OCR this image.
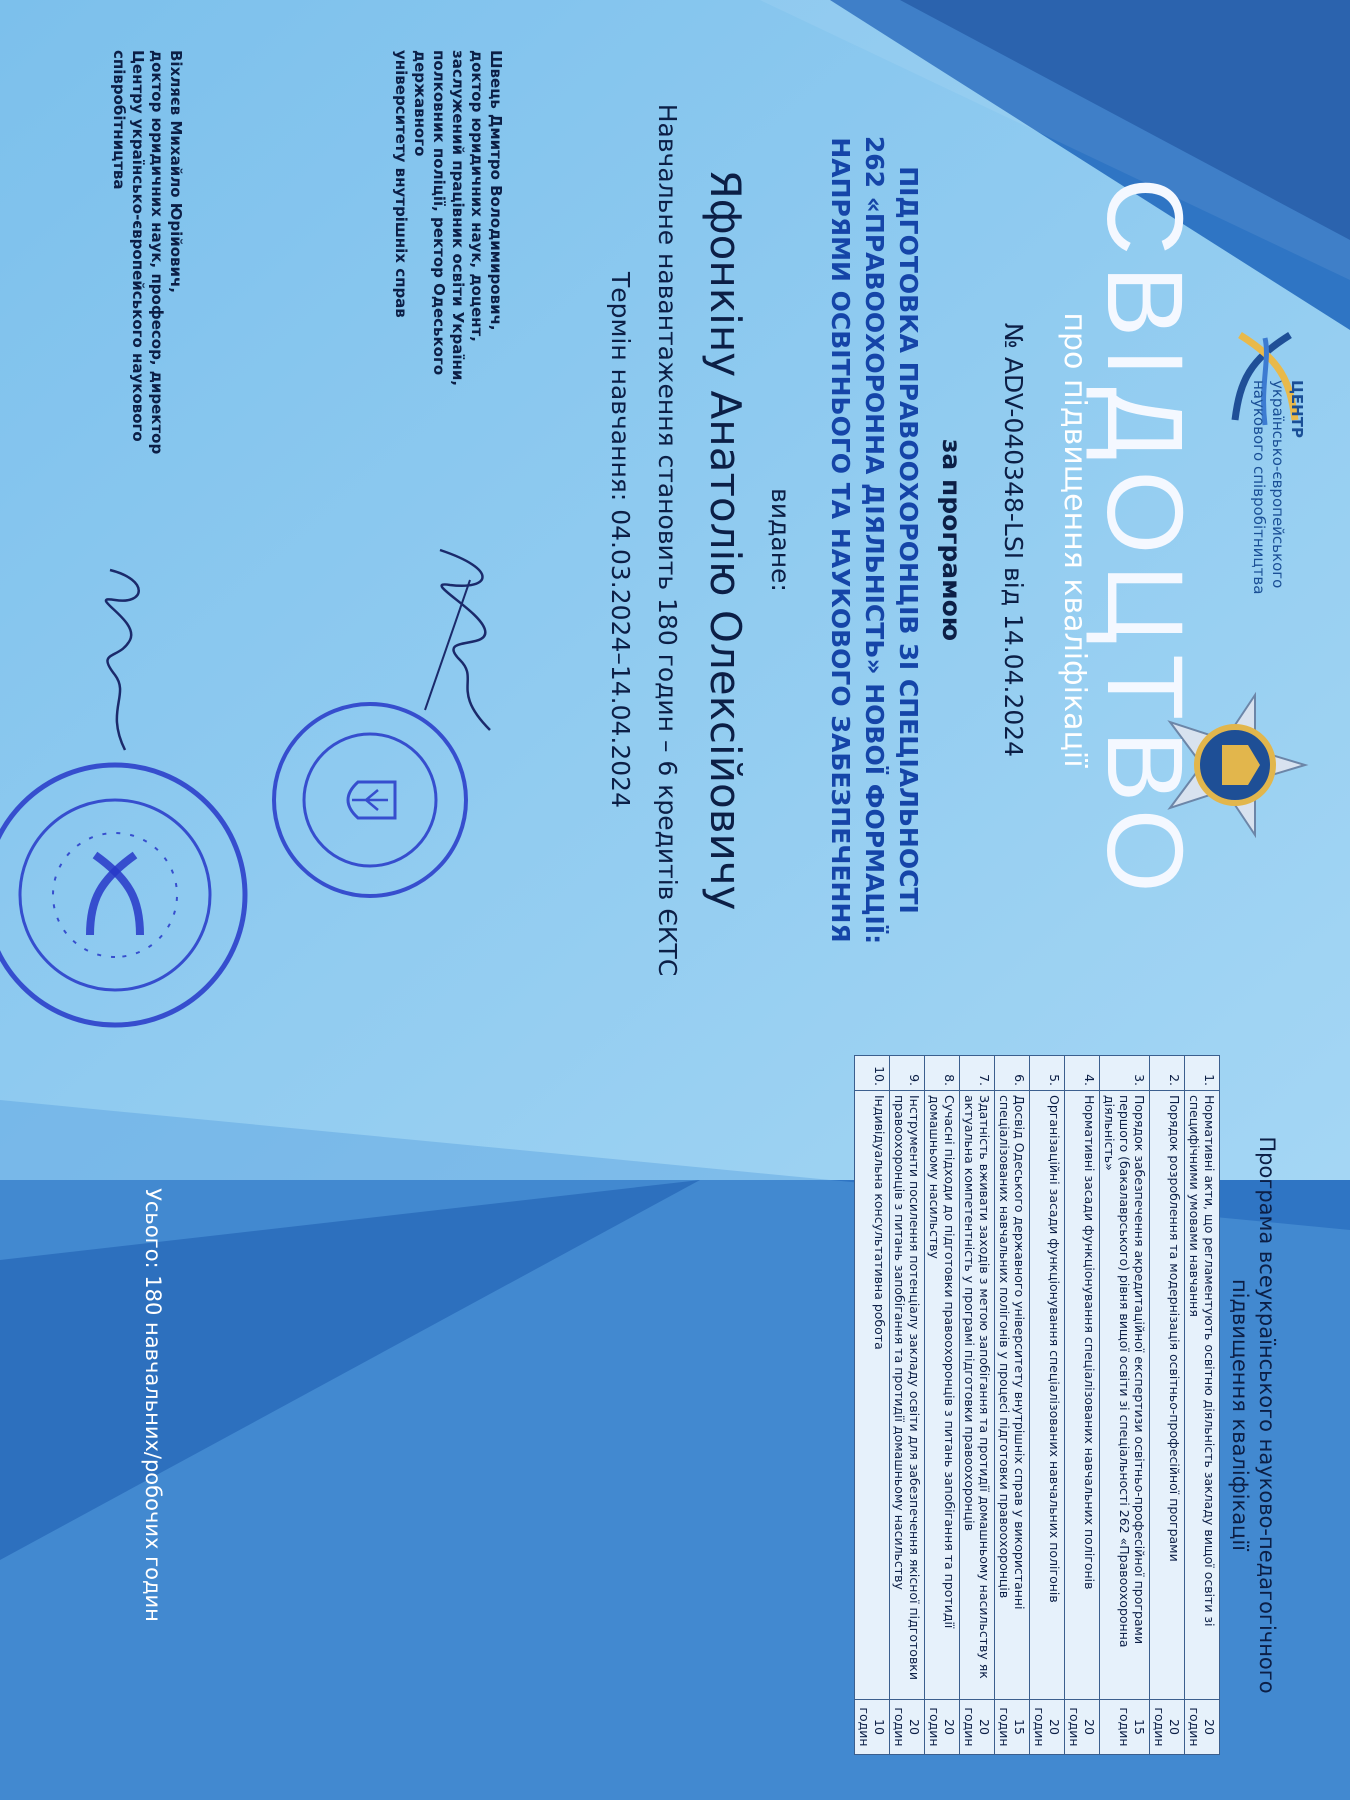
ЦЕНТР
українсько-європейського
наукового співробітництва
СВІДОЦТВО
про підвищення кваліфікації
№ ADV-040348-LSI від 14.04.2024
за програмою
ПІДГОТОВКА ПРАВООХОРОНЦІВ ЗІ СПЕЦІАЛЬНОСТІ
262 «ПРАВООХОРОННА ДІЯЛЬНІСТЬ» НОВОЇ ФОРМАЦІЇ:
НАПРЯМИ ОСВІТНЬОГО ТА НАУКОВОГО ЗАБЕЗПЕЧЕННЯ
видане:
Яфонкіну Анатолію Олексійовичу
Навчальне навантаження становить 180 годин – 6 кредитів ЄКТС
Термін навчання: 04.03.2024–14.04.2024
Швець Дмитро Володимирович,
доктор юридичних наук, доцент,
заслужений працівник освіти України,
полковник поліції, ректор Одеського державного
університету внутрішніх справ
Віхляєв Михайло Юрійович,
доктор юридичних наук, професор, директор
Центру українсько-європейського наукового співробітництва
Програма всеукраїнського науково-педагогічного підвищення кваліфікації
1.	Нормативні акти, що регламентують освітню діяльність закладу вищої освіти зі специфічними умовами навчання	20 годин
2.	Порядок розроблення та модернізація освітньо-професійної програми	20 годин
3.	Порядок забезпечення акредитаційної експертизи освітньо-професійної програми першого (бакалаврського) рівня вищої освіти зі спеціальності 262 «Правоохоронна діяльність»	15 годин
4.	Нормативні засади функціонування спеціалізованих навчальних полігонів	20 годин
5.	Організаційні засади функціонування спеціалізованих навчальних полігонів	20 годин
6.	Досвід Одеського державного університету внутрішніх справ у використанні спеціалізованих навчальних полігонів у процесі підготовки правоохоронців	15 годин
7.	Здатність вживати заходів з метою запобігання та протидії домашньому насильству як актуальна компетентність у програмі підготовки правоохоронців	20 годин
8.	Сучасні підходи до підготовки правоохоронців з питань запобігання та протидії домашньому насильству	20 годин
9.	Інструменти посилення потенціалу закладу освіти для забезпечення якісної підготовки правоохоронців з питань запобігання та протидії домашньому насильству	20 годин
10.	Індивідуальна консультативна робота	10 годин
Усього: 180 навчальних/робочих годин
